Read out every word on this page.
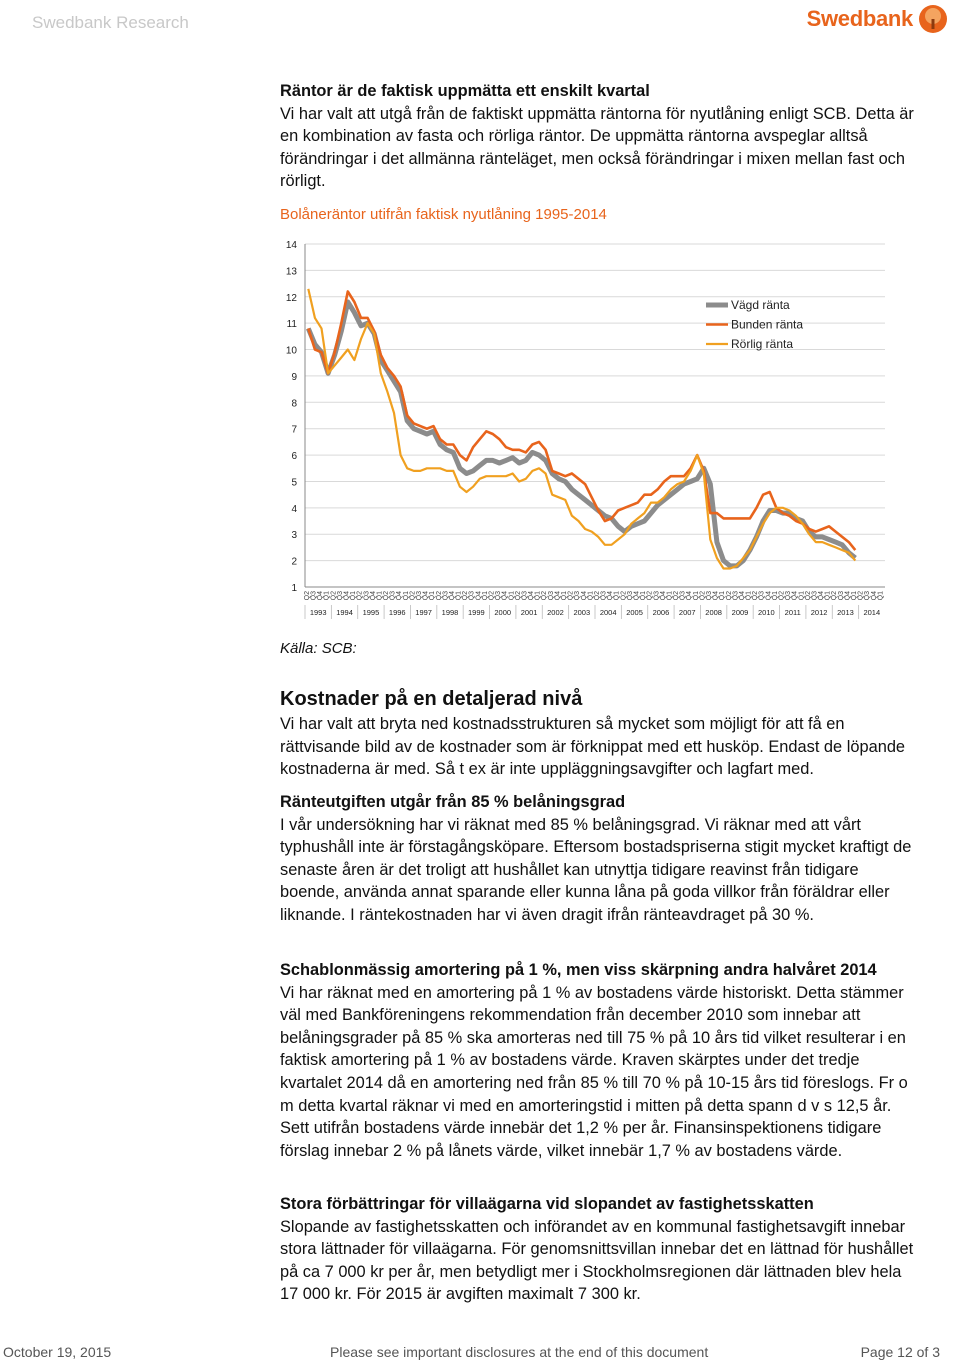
Swedbank Research	Swedbank

Räntor är de faktisk uppmätta ett enskilt kvartal

Vi har valt att utgå från de faktiskt uppmätta räntorna för nyutlåning enligt SCB. Detta är en kombination av fasta och rörliga räntor. De uppmätta räntorna avspeglar alltså förändringar i det allmänna ränteläget, men också förändringar i mixen mellan fast och rörligt.

Bolåneräntor utifrån faktisk nyutlåning 1995-2014
14
13
12
11
10
9
8
7
6
5
4
3
2
1
Q2 Q3 Q4 Q1 Q2 Q3 Q4 Q1 Q2 Q3 Q4 Q1 Q2 Q3 Q4 Q1 Q2 Q3 Q4 Q1 Q2 Q3 Q4 Q1 Q2 Q3 Q4 Q1 Q2 Q3 Q4 Q1 Q2 Q3 Q4 Q1 Q2 Q3 Q4 Q1 Q2 Q3 Q4 Q1 Q2 Q3 Q4 Q1 Q2 Q3 Q4 Q1 Q2 Q3 Q4 Q1 Q2 Q3 Q4 Q1 Q2 Q3 Q4 Q1 Q2 Q3 Q4 Q1 Q2 Q3 Q4 Q1 Q2 Q3 Q4 Q1 Q2 Q3 Q4 Q1 Q2 Q3 Q4 Q1 Q2 Q3 Q4 Q1
1993 1994 1995 1996 1997 1998 1999 2000 2001 2002 2003 2004 2005 2006 2007 2008 2009 2010 2011 2012 2013 2014
Vägd ränta
Bunden ränta
Rörlig ränta
Källa: SCB:
Kostnader på en detaljerad nivå

Vi har valt att bryta ned kostnadsstrukturen så mycket som möjligt för att få en rättvisande bild av de kostnader som är förknippat med ett husköp. Endast de löpande kostnaderna är med. Så t ex är inte uppläggningsavgifter och lagfart med.

Ränteutgiften utgår från 85 % belåningsgrad

I vår undersökning har vi räknat med 85 % belåningsgrad. Vi räknar med att vårt typhushåll inte är förstagångsköpare. Eftersom bostadspriserna stigit mycket kraftigt de senaste åren är det troligt att hushållet kan utnyttja tidigare reavinst från tidigare boende, använda annat sparande eller kunna låna på goda villkor från föräldrar eller liknande. I räntekostnaden har vi även dragit ifrån ränteavdraget på 30 %.

Schablonmässig amortering på 1 %, men viss skärpning andra halvåret 2014

Vi har räknat med en amortering på 1 % av bostadens värde historiskt. Detta stämmer väl med Bankföreningens rekommendation från december 2010 som innebar att belåningsgrader på 85 % ska amorteras ned till 75 % på 10 års tid vilket resulterar i en faktisk amortering på 1 % av bostadens värde. Kraven skärptes under det tredje kvartalet 2014 då en amortering ned från 85 % till 70 % på 10-15 års tid föreslogs. Fr o m detta kvartal räknar vi med en amorteringstid i mitten på detta spann d v s 12,5 år. Sett utifrån bostadens värde innebär det 1,2 % per år. Finansinspektionens tidigare förslag innebar 2 % på lånets värde, vilket innebär 1,7 % av bostadens värde.

Stora förbättringar för villaägarna vid slopandet av fastighetsskatten

Slopande av fastighetsskatten och införandet av en kommunal fastighetsavgift innebar stora lättnader för villaägarna. För genomsnittsvillan innebar det en lättnad för hushållet på ca 7 000 kr per år, men betydligt mer i Stockholmsregionen där lättnaden blev hela 17 000 kr. För 2015 är avgiften maximalt 7 300 kr.

October 19, 2015	Please see important disclosures at the end of this document	Page 12 of 3
